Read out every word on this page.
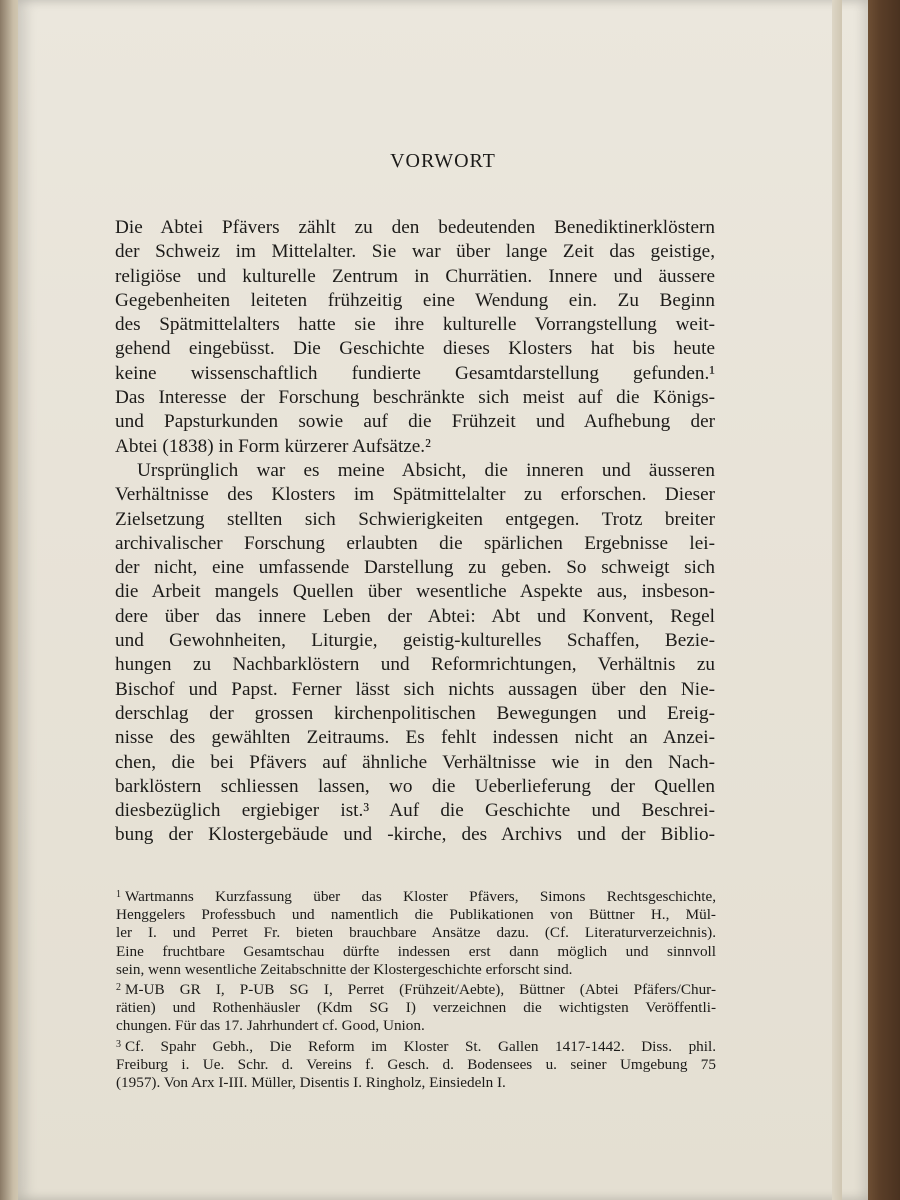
VORWORT

Die Abtei Pfävers zählt zu den bedeutenden Benediktinerklöstern
der Schweiz im Mittelalter. Sie war über lange Zeit das geistige,
religiöse und kulturelle Zentrum in Churrätien. Innere und äussere
Gegebenheiten leiteten frühzeitig eine Wendung ein. Zu Beginn
des Spätmittelalters hatte sie ihre kulturelle Vorrangstellung weit-
gehend eingebüsst. Die Geschichte dieses Klosters hat bis heute
keine wissenschaftlich fundierte Gesamtdarstellung gefunden.¹
Das Interesse der Forschung beschränkte sich meist auf die Königs-
und Papsturkunden sowie auf die Frühzeit und Aufhebung der
Abtei (1838) in Form kürzerer Aufsätze.²

Ursprünglich war es meine Absicht, die inneren und äusseren
Verhältnisse des Klosters im Spätmittelalter zu erforschen. Dieser
Zielsetzung stellten sich Schwierigkeiten entgegen. Trotz breiter
archivalischer Forschung erlaubten die spärlichen Ergebnisse lei-
der nicht, eine umfassende Darstellung zu geben. So schweigt sich
die Arbeit mangels Quellen über wesentliche Aspekte aus, insbeson-
dere über das innere Leben der Abtei: Abt und Konvent, Regel
und Gewohnheiten, Liturgie, geistig-kulturelles Schaffen, Bezie-
hungen zu Nachbarklöstern und Reformrichtungen, Verhältnis zu
Bischof und Papst. Ferner lässt sich nichts aussagen über den Nie-
derschlag der grossen kirchenpolitischen Bewegungen und Ereig-
nisse des gewählten Zeitraums. Es fehlt indessen nicht an Anzei-
chen, die bei Pfävers auf ähnliche Verhältnisse wie in den Nach-
barklöstern schliessen lassen, wo die Ueberlieferung der Quellen
diesbezüglich ergiebiger ist.³ Auf die Geschichte und Beschrei-
bung der Klostergebäude und -kirche, des Archivs und der Biblio-

$^1$ Wartmanns Kurzfassung über das Kloster Pfävers, Simons Rechtsgeschichte,
Henggelers Professbuch und namentlich die Publikationen von Büttner H., Mül-
ler I. und Perret Fr. bieten brauchbare Ansätze dazu. (Cf. Literaturverzeichnis).
Eine fruchtbare Gesamtschau dürfte indessen erst dann möglich und sinnvoll
sein, wenn wesentliche Zeitabschnitte der Klostergeschichte erforscht sind.
$^2$ M-UB GR I, P-UB SG I, Perret (Frühzeit/Aebte), Büttner (Abtei Pfäfers/Chur-
rätien) und Rothenhäusler (Kdm SG I) verzeichnen die wichtigsten Veröffentli-
chungen. Für das 17. Jahrhundert cf. Good, Union.
$^3$ Cf. Spahr Gebh., Die Reform im Kloster St. Gallen 1417-1442. Diss. phil.
Freiburg i. Ue. Schr. d. Vereins f. Gesch. d. Bodensees u. seiner Umgebung 75
(1957). Von Arx I-III. Müller, Disentis I. Ringholz, Einsiedeln I.
